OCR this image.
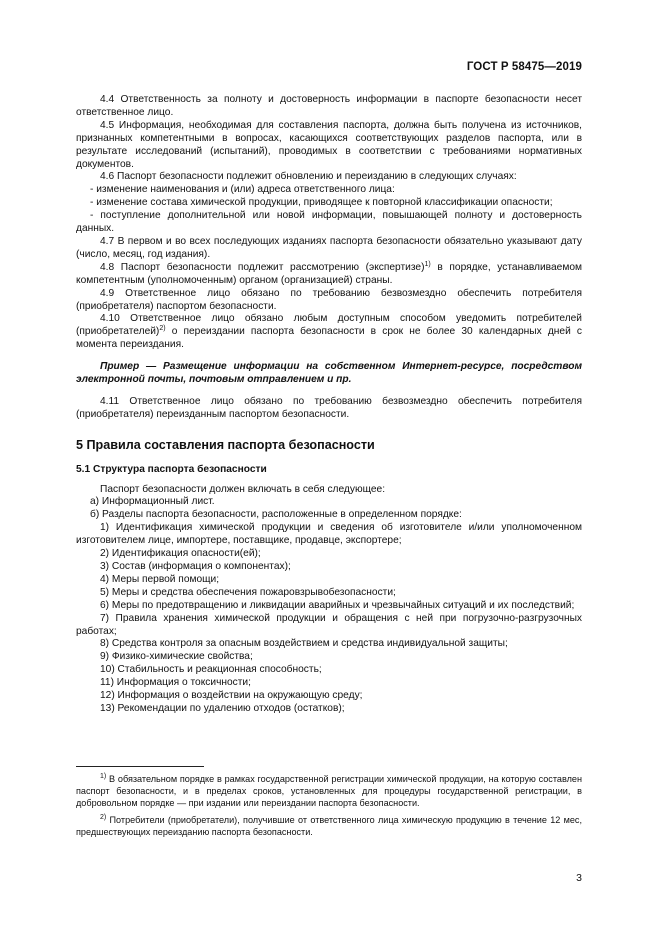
ГОСТ Р 58475—2019

4.4 Ответственность за полноту и достоверность информации в паспорте безопасности несет ответственное лицо.

4.5 Информация, необходимая для составления паспорта, должна быть получена из источников, признанных компетентными в вопросах, касающихся соответствующих разделов паспорта, или в результате исследований (испытаний), проводимых в соответствии с требованиями нормативных документов.

4.6 Паспорт безопасности подлежит обновлению и переизданию в следующих случаях:

- изменение наименования и (или) адреса ответственного лица:

- изменение состава химической продукции, приводящее к повторной классификации опасности;

- поступление дополнительной или новой информации, повышающей полноту и достоверность данных.

4.7 В первом и во всех последующих изданиях паспорта безопасности обязательно указывают дату (число, месяц, год издания).

4.8 Паспорт безопасности подлежит рассмотрению (экспертизе)$^{1)}$ в порядке, устанавливаемом компетентным (уполномоченным) органом (организацией) страны.

4.9 Ответственное лицо обязано по требованию безвозмездно обеспечить потребителя (приобретателя) паспортом безопасности.

4.10 Ответственное лицо обязано любым доступным способом уведомить потребителей (приобретателей)$^{2)}$ о переиздании паспорта безопасности в срок не более 30 календарных дней с момента переиздания.

Пример — Размещение информации на собственном Интернет-ресурсе, посредством электронной почты, почтовым отправлением и пр.

4.11 Ответственное лицо обязано по требованию безвозмездно обеспечить потребителя (приобретателя) переизданным паспортом безопасности.

5 Правила составления паспорта безопасности

5.1 Структура паспорта безопасности

Паспорт безопасности должен включать в себя следующее:

а) Информационный лист.

б) Разделы паспорта безопасности, расположенные в определенном порядке:

1) Идентификация химической продукции и сведения об изготовителе и/или уполномоченном изготовителем лице, импортере, поставщике, продавце, экспортере;

2) Идентификация опасности(ей);

3) Состав (информация о компонентах);

4) Меры первой помощи;

5) Меры и средства обеспечения пожаровзрывобезопасности;

6) Меры по предотвращению и ликвидации аварийных и чрезвычайных ситуаций и их последствий;

7) Правила хранения химической продукции и обращения с ней при погрузочно-разгрузочных работах;

8) Средства контроля за опасным воздействием и средства индивидуальной защиты;

9) Физико-химические свойства;

10) Стабильность и реакционная способность;

11) Информация о токсичности;

12) Информация о воздействии на окружающую среду;

13) Рекомендации по удалению отходов (остатков);

$^{1)}$ В обязательном порядке в рамках государственной регистрации химической продукции, на которую составлен паспорт безопасности, и в пределах сроков, установленных для процедуры государственной регистрации, в добровольном порядке — при издании или переиздании паспорта безопасности.

$^{2)}$ Потребители (приобретатели), получившие от ответственного лица химическую продукцию в течение 12 мес, предшествующих переизданию паспорта безопасности.

3
